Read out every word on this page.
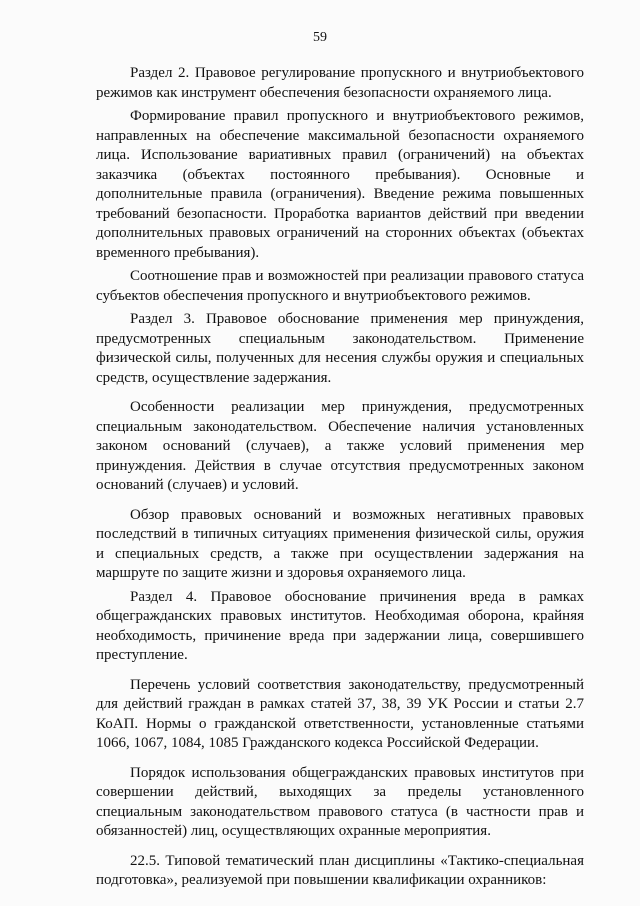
59

Раздел 2. Правовое регулирование пропускного и внутриобъектового режимов как инструмент обеспечения безопасности охраняемого лица.

Формирование правил пропускного и внутриобъектового режимов, направленных на обеспечение максимальной безопасности охраняемого лица. Использование вариативных правил (ограничений) на объектах заказчика (объектах постоянного пребывания). Основные и дополнительные правила (ограничения). Введение режима повышенных требований безопасности. Проработка вариантов действий при введении дополнительных правовых ограничений на сторонних объектах (объектах временного пребывания).

Соотношение прав и возможностей при реализации правового статуса субъектов обеспечения пропускного и внутриобъектового режимов.

Раздел 3. Правовое обоснование применения мер принуждения, предусмотренных специальным законодательством. Применение физической силы, полученных для несения службы оружия и специальных средств, осуществление задержания.

Особенности реализации мер принуждения, предусмотренных специальным законодательством. Обеспечение наличия установленных законом оснований (случаев), а также условий применения мер принуждения. Действия в случае отсутствия предусмотренных законом оснований (случаев) и условий.

Обзор правовых оснований и возможных негативных правовых последствий в типичных ситуациях применения физической силы, оружия и специальных средств, а также при осуществлении задержания на маршруте по защите жизни и здоровья охраняемого лица.

Раздел 4. Правовое обоснование причинения вреда в рамках общегражданских правовых институтов. Необходимая оборона, крайняя необходимость, причинение вреда при задержании лица, совершившего преступление.

Перечень условий соответствия законодательству, предусмотренный для действий граждан в рамках статей 37, 38, 39 УК России и статьи 2.7 КоАП. Нормы о гражданской ответственности, установленные статьями 1066, 1067, 1084, 1085 Гражданского кодекса Российской Федерации.

Порядок использования общегражданских правовых институтов при совершении действий, выходящих за пределы установленного специальным законодательством правового статуса (в частности прав и обязанностей) лиц, осуществляющих охранные мероприятия.

22.5. Типовой тематический план дисциплины «Тактико-специальная подготовка», реализуемой при повышении квалификации охранников:
